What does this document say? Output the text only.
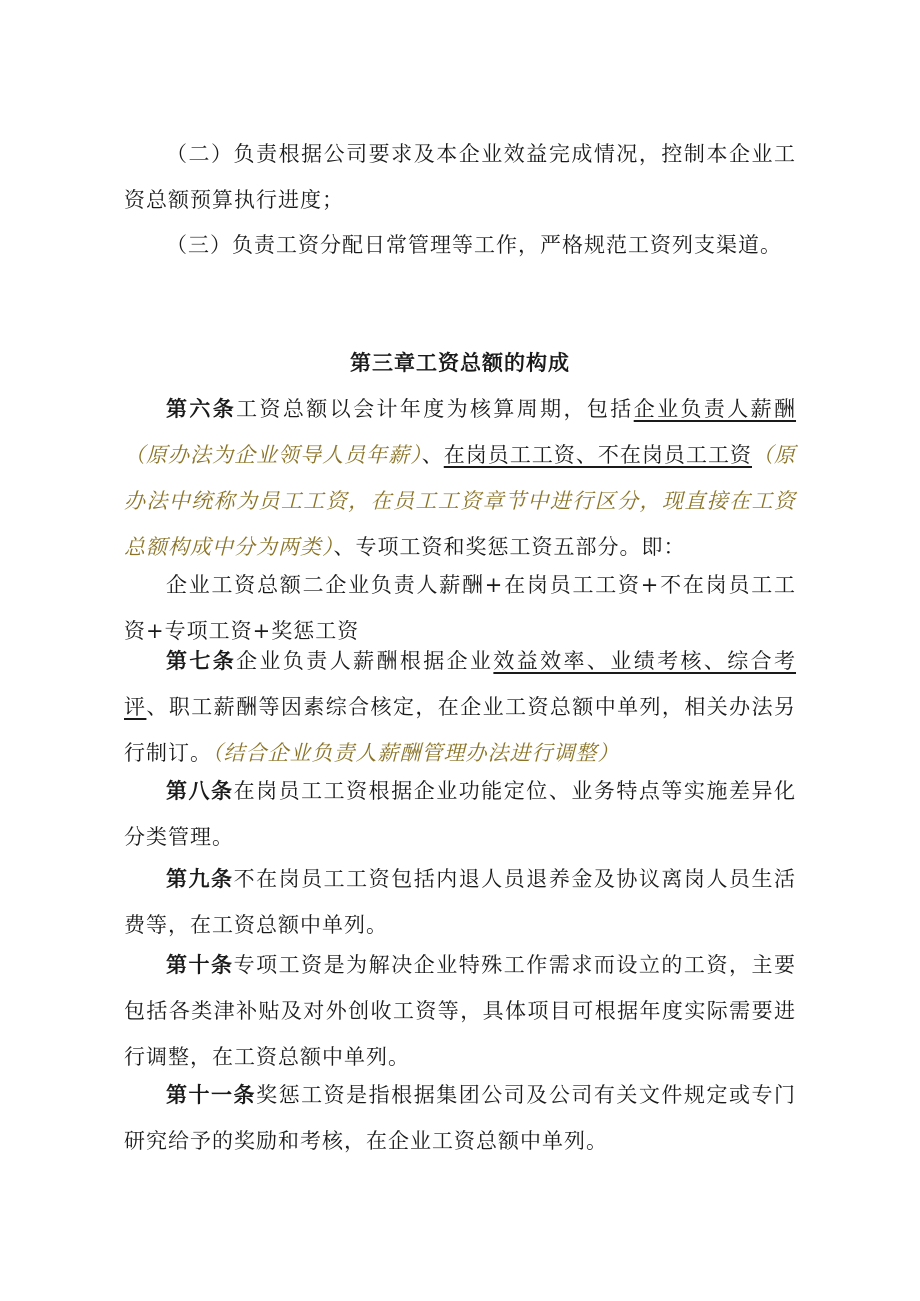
（二）负责根据公司要求及本企业效益完成情况，控制本企业工资总额预算执行进度；

（三）负责工资分配日常管理等工作，严格规范工资列支渠道。

第三章工资总额的构成

第六条工资总额以会计年度为核算周期，包括企业负责人薪酬（原办法为企业领导人员年薪）、在岗员工工资、不在岗员工工资（原办法中统称为员工工资，在员工工资章节中进行区分，现直接在工资总额构成中分为两类）、专项工资和奖惩工资五部分。即：

企业工资总额二企业负责人薪酬+在岗员工工资+不在岗员工工资+专项工资+奖惩工资

第七条企业负责人薪酬根据企业效益效率、业绩考核、综合考评、职工薪酬等因素综合核定，在企业工资总额中单列，相关办法另行制订。（结合企业负责人薪酬管理办法进行调整）

第八条在岗员工工资根据企业功能定位、业务特点等实施差异化分类管理。

第九条不在岗员工工资包括内退人员退养金及协议离岗人员生活费等，在工资总额中单列。

第十条专项工资是为解决企业特殊工作需求而设立的工资，主要包括各类津补贴及对外创收工资等，具体项目可根据年度实际需要进行调整，在工资总额中单列。

第十一条奖惩工资是指根据集团公司及公司有关文件规定或专门研究给予的奖励和考核，在企业工资总额中单列。
